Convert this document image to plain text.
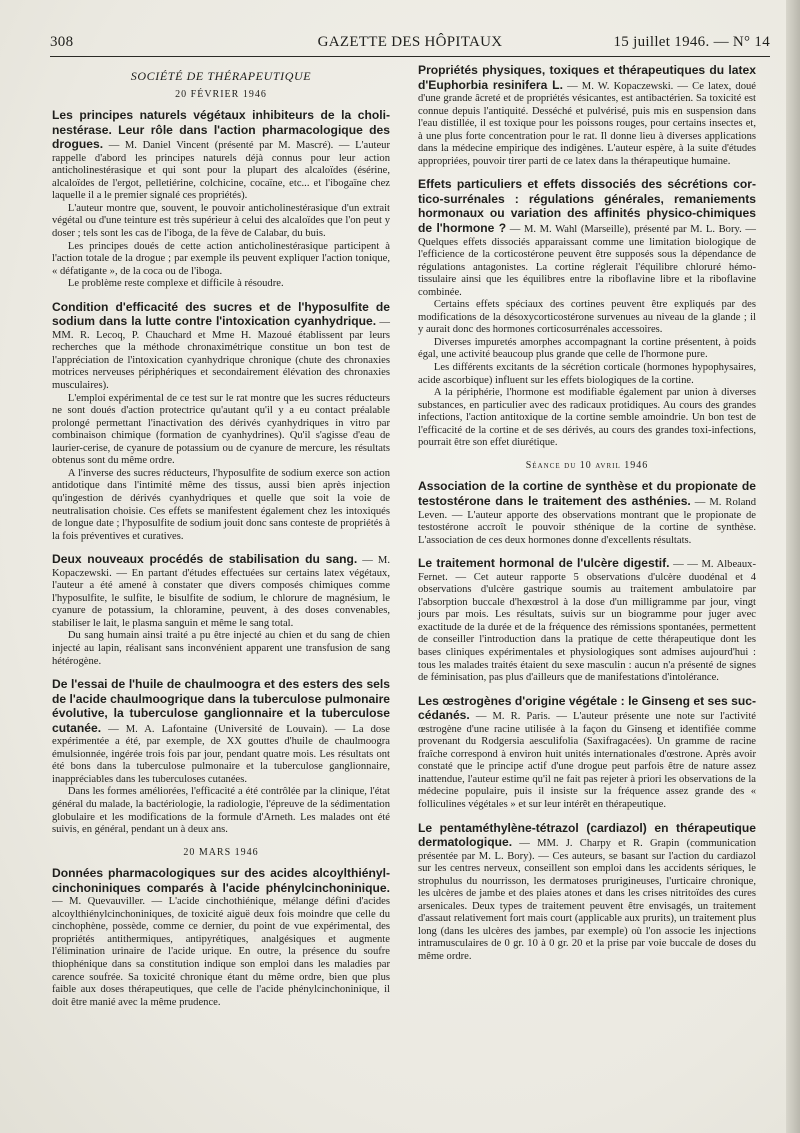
308	GAZETTE DES HÔPITAUX	15 juillet 1946. — N° 14
SOCIÉTÉ DE THÉRAPEUTIQUE
20 FÉVRIER 1946

Les principes naturels végétaux inhibiteurs de la cholinestérase. Leur rôle dans l'action pharmacologique des drogues. — M. Daniel Vincent (présenté par M. Mascré). — L'auteur rappelle d'abord les principes naturels déjà connus pour leur action anticholinestérasique et qui sont pour la plupart des alcaloïdes (ésérine, alcaloïdes de l'ergot, pelletiérine, colchicine, cocaïne, etc... et l'ibogaïne chez laquelle il a le premier signalé ces propriétés).

L'auteur montre que, souvent, le pouvoir anticholinestérasique d'un extrait végétal ou d'une teinture est très supérieur à celui des alcaloïdes que l'on peut y doser ; tels sont les cas de l'iboga, de la fève de Calabar, du buis.

Les principes doués de cette action anticholinestérasique participent à l'action totale de la drogue ; par exemple ils peuvent expliquer l'action tonique, « défatigante », de la coca ou de l'iboga.

Le problème reste complexe et difficile à résoudre.

Condition d'efficacité des sucres et de l'hyposulfite de sodium dans la lutte contre l'intoxication cyanhydrique. — MM. R. Lecoq, P. Chauchard et Mme H. Mazoué établissent par leurs recherches que la méthode chronaximétrique constitue un bon test de l'appréciation de l'intoxication cyanhydrique chronique (chute des chronaxies motrices nerveuses périphériques et secondairement élévation des chronaxies musculaires).

L'emploi expérimental de ce test sur le rat montre que les sucres réducteurs ne sont doués d'action protectrice qu'autant qu'il y a eu contact préalable prolongé permettant l'inactivation des dérivés cyanhydriques in vitro par combinaison chimique (formation de cyanhydrines). Qu'il s'agisse d'eau de laurier-cerise, de cyanure de potassium ou de cyanure de mercure, les résultats obtenus sont du même ordre.

A l'inverse des sucres réducteurs, l'hyposulfite de sodium exerce son action antidotique dans l'intimité même des tissus, aussi bien après injection qu'ingestion de dérivés cyanhydriques et quelle que soit la voie de neutralisation choisie. Ces effets se manifestent également chez les intoxiqués de longue date ; l'hyposulfite de sodium jouit donc sans conteste de propriétés à la fois préventives et curatives.

Deux nouveaux procédés de stabilisation du sang. — M. Kopaczewski. — En partant d'études effectuées sur certains latex végétaux, l'auteur a été amené à constater que divers composés chimiques comme l'hyposulfite, le sulfite, le bisulfite de sodium, le chlorure de magnésium, le cyanure de potassium, la chloramine, peuvent, à des doses convenables, stabiliser le lait, le plasma sanguin et même le sang total.

Du sang humain ainsi traité a pu être injecté au chien et du sang de chien injecté au lapin, réalisant sans inconvénient apparent une transfusion de sang hétérogène.

De l'essai de l'huile de chaulmoogra et des esters des sels de l'acide chaulmoogrique dans la tuberculose pulmonaire évolutive, la tuberculose ganglionnaire et la tuberculose cutanée. — M. A. Lafontaine (Université de Louvain). — La dose expérimentée a été, par exemple, de XX gouttes d'huile de chaulmoogra émulsionnée, ingérée trois fois par jour, pendant quatre mois. Les résultats ont été bons dans la tuberculose pulmonaire et la tuberculose ganglionnaire, inappréciables dans les tuberculoses cutanées.

Dans les formes améliorées, l'efficacité a été contrôlée par la clinique, l'état général du malade, la bactériologie, la radiologie, l'épreuve de la sédimentation globulaire et les modifications de la formule d'Arneth. Les malades ont été suivis, en général, pendant un à deux ans.

20 MARS 1946

Données pharmacologiques sur des acides alcoylthiénylcinchoniniques comparés à l'acide phénylcinchoninique. — M. Quevauviller. — L'acide cinchothiénique, mélange défini d'acides alcoylthiénylcinchoniniques, de toxicité aiguë deux fois moindre que celle du cinchophène, possède, comme ce dernier, du point de vue expérimental, des propriétés antithermiques, antipyrétiques, analgésiques et augmente l'élimination urinaire de l'acide urique. En outre, la présence du soufre thiophénique dans sa constitution indique son emploi dans les maladies par carence soufrée. Sa toxicité chronique étant du même ordre, bien que plus faible aux doses thérapeutiques, que celle de l'acide phénylcinchoninique, il doit être manié avec la même prudence.

Propriétés physiques, toxiques et thérapeutiques du latex d'Euphorbia resinifera L. — M. W. Kopaczewski. — Ce latex, doué d'une grande âcreté et de propriétés vésicantes, est antibactérien. Sa toxicité est connue depuis l'antiquité. Desséché et pulvérisé, puis mis en suspension dans l'eau distillée, il est toxique pour les poissons rouges, pour certains insectes et, à une plus forte concentration pour le rat. Il donne lieu à diverses applications dans la médecine empirique des indigènes. L'auteur espère, à la suite d'études appropriées, pouvoir tirer parti de ce latex dans la thérapeutique humaine.

Effets particuliers et effets dissociés des sécrétions cortico-surrénales : régulations générales, remaniements hormonaux ou variation des affinités physico-chimiques de l'hormone ? — M. M. Wahl (Marseille), présenté par M. L. Bory. — Quelques effets dissociés apparaissant comme une limitation biologique de l'efficience de la corticostérone peuvent être supposés sous la dépendance de régulations antagonistes. La cortine réglerait l'équilibre chloruré hémo-tissulaire ainsi que les équilibres entre la riboflavine libre et la riboflavine combinée.

Certains effets spéciaux des cortines peuvent être expliqués par des modifications de la désoxycorticostérone survenues au niveau de la glande ; il y aurait donc des hormones corticosurrénales accessoires.

Diverses impuretés amorphes accompagnant la cortine présentent, à poids égal, une activité beaucoup plus grande que celle de l'hormone pure.

Les différents excitants de la sécrétion corticale (hormones hypophysaires, acide ascorbique) influent sur les effets biologiques de la cortine.

A la périphérie, l'hormone est modifiable également par union à diverses substances, en particulier avec des radicaux protidiques. Au cours des grandes infections, l'action antitoxique de la cortine semble amoindrie. Un bon test de l'efficacité de la cortine et de ses dérivés, au cours des grandes toxi-infections, pourrait être son effet diurétique.

Séance du 10 avril 1946

Association de la cortine de synthèse et du propionate de testostérone dans le traitement des asthénies. — M. Roland Leven. — L'auteur apporte des observations montrant que le propionate de testostérone accroît le pouvoir sthénique de la cortine de synthèse. L'association de ces deux hormones donne d'excellents résultats.

Le traitement hormonal de l'ulcère digestif. — — M. Albeaux-Fernet. — Cet auteur rapporte 5 observations d'ulcère duodénal et 4 observations d'ulcère gastrique soumis au traitement ambulatoire par l'absorption buccale d'hexœstrol à la dose d'un milligramme par jour, vingt jours par mois. Les résultats, suivis sur un biogramme pour juger avec exactitude de la durée et de la fréquence des rémissions spontanées, permettent de conseiller l'introduction dans la pratique de cette thérapeutique dont les bases cliniques expérimentales et physiologiques sont admises aujourd'hui : tous les malades traités étaient du sexe masculin : aucun n'a présenté de signes de féminisation, pas plus d'ailleurs que de manifestations d'intolérance.

Les œstrogènes d'origine végétale : le Ginseng et ses succédanés. — M. R. Paris. — L'auteur présente une note sur l'activité œstrogène d'une racine utilisée à la façon du Ginseng et identifiée comme provenant du Rodgersia aesculifolia (Saxifragacées). Un gramme de racine fraîche correspond à environ huit unités internationales d'œstrone. Après avoir constaté que le principe actif d'une drogue peut parfois être de nature assez inattendue, l'auteur estime qu'il ne fait pas rejeter à priori les observations de la médecine populaire, puis il insiste sur la fréquence assez grande des « folliculines végétales » et sur leur intérêt en thérapeutique.

Le pentaméthylène-tétrazol (cardiazol) en thérapeutique dermatologique. — MM. J. Charpy et R. Grapin (communication présentée par M. L. Bory). — Ces auteurs, se basant sur l'action du cardiazol sur les centres nerveux, conseillent son emploi dans les accidents sériques, le strophulus du nourrisson, les dermatoses prurigineuses, l'urticaire chronique, les ulcères de jambe et des plaies atones et dans les crises nitritoïdes des cures arsenicales. Deux types de traitement peuvent être envisagés, un traitement d'assaut relativement fort mais court (applicable aux prurits), un traitement plus long (dans les ulcères des jambes, par exemple) où l'on associe les injections intramusculaires de 0 gr. 10 à 0 gr. 20 et la prise par voie buccale de doses du même ordre.
